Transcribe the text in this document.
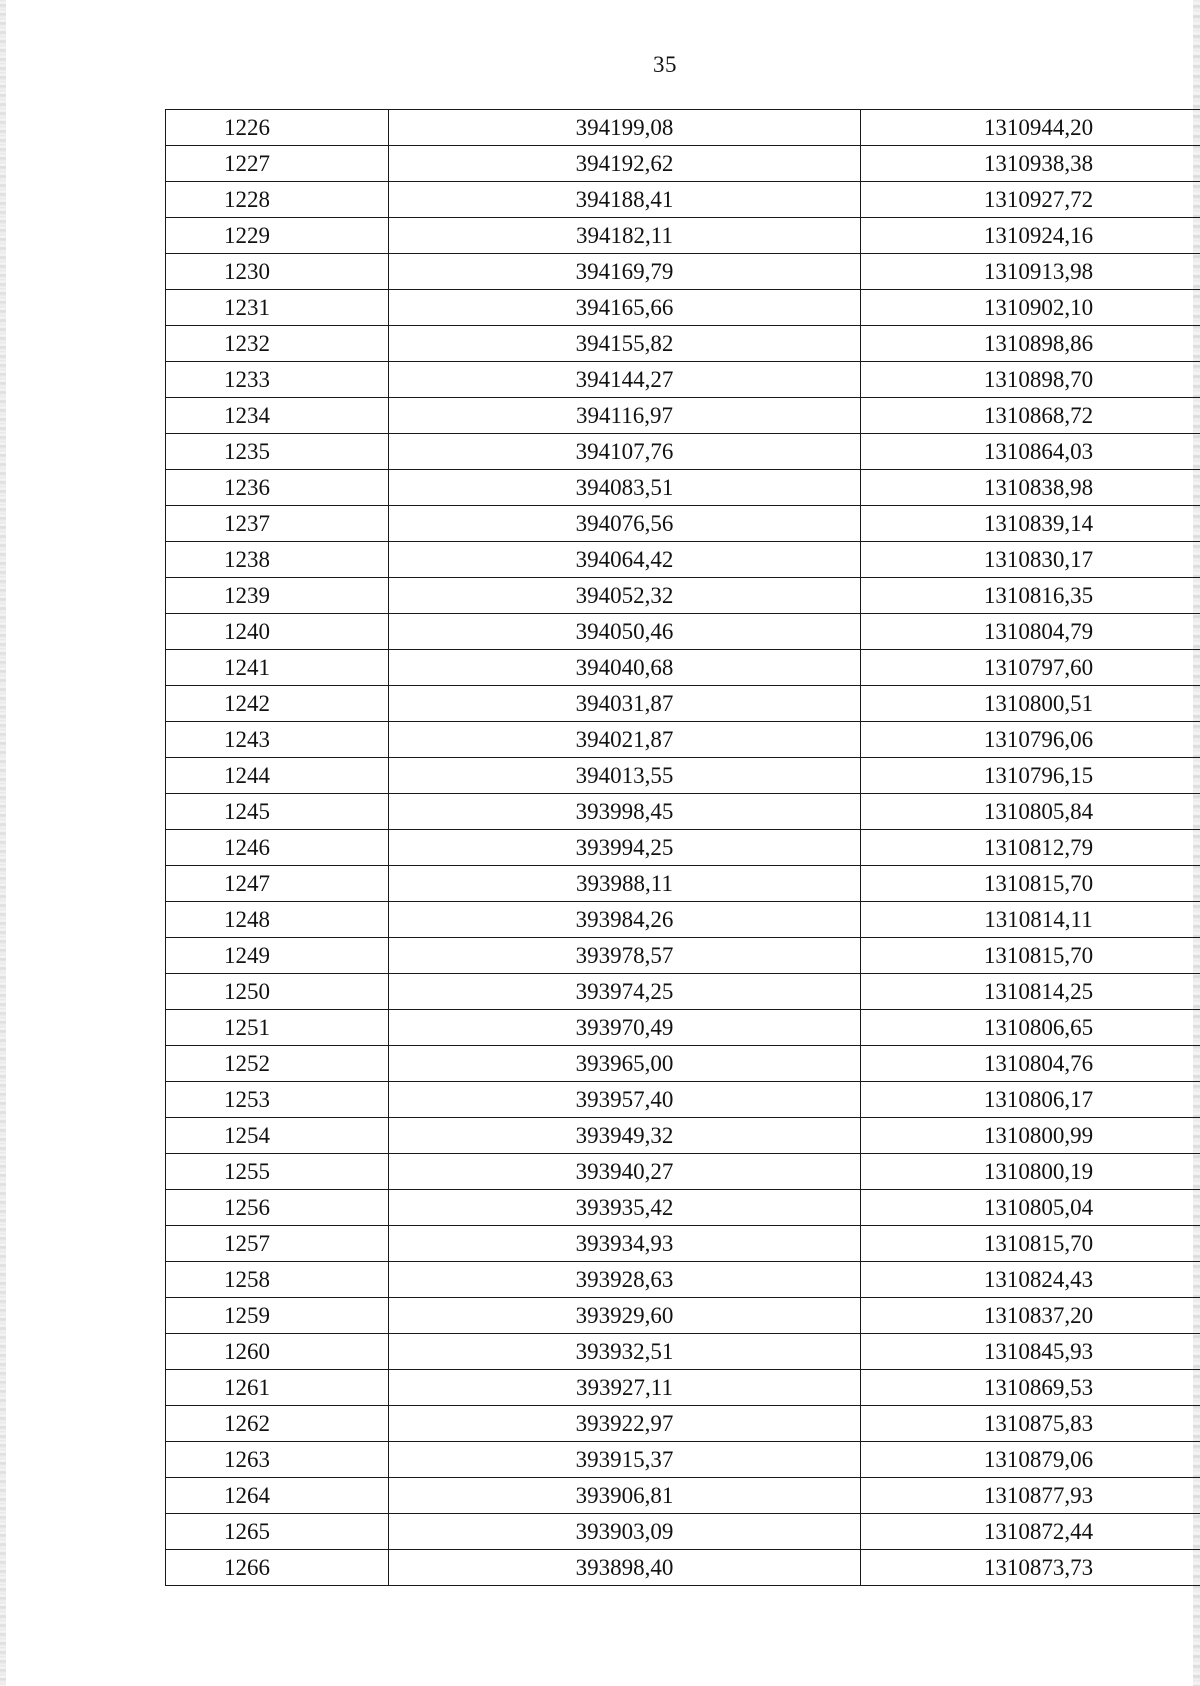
35
1226	394199,08	1310944,20
1227	394192,62	1310938,38
1228	394188,41	1310927,72
1229	394182,11	1310924,16
1230	394169,79	1310913,98
1231	394165,66	1310902,10
1232	394155,82	1310898,86
1233	394144,27	1310898,70
1234	394116,97	1310868,72
1235	394107,76	1310864,03
1236	394083,51	1310838,98
1237	394076,56	1310839,14
1238	394064,42	1310830,17
1239	394052,32	1310816,35
1240	394050,46	1310804,79
1241	394040,68	1310797,60
1242	394031,87	1310800,51
1243	394021,87	1310796,06
1244	394013,55	1310796,15
1245	393998,45	1310805,84
1246	393994,25	1310812,79
1247	393988,11	1310815,70
1248	393984,26	1310814,11
1249	393978,57	1310815,70
1250	393974,25	1310814,25
1251	393970,49	1310806,65
1252	393965,00	1310804,76
1253	393957,40	1310806,17
1254	393949,32	1310800,99
1255	393940,27	1310800,19
1256	393935,42	1310805,04
1257	393934,93	1310815,70
1258	393928,63	1310824,43
1259	393929,60	1310837,20
1260	393932,51	1310845,93
1261	393927,11	1310869,53
1262	393922,97	1310875,83
1263	393915,37	1310879,06
1264	393906,81	1310877,93
1265	393903,09	1310872,44
1266	393898,40	1310873,73
